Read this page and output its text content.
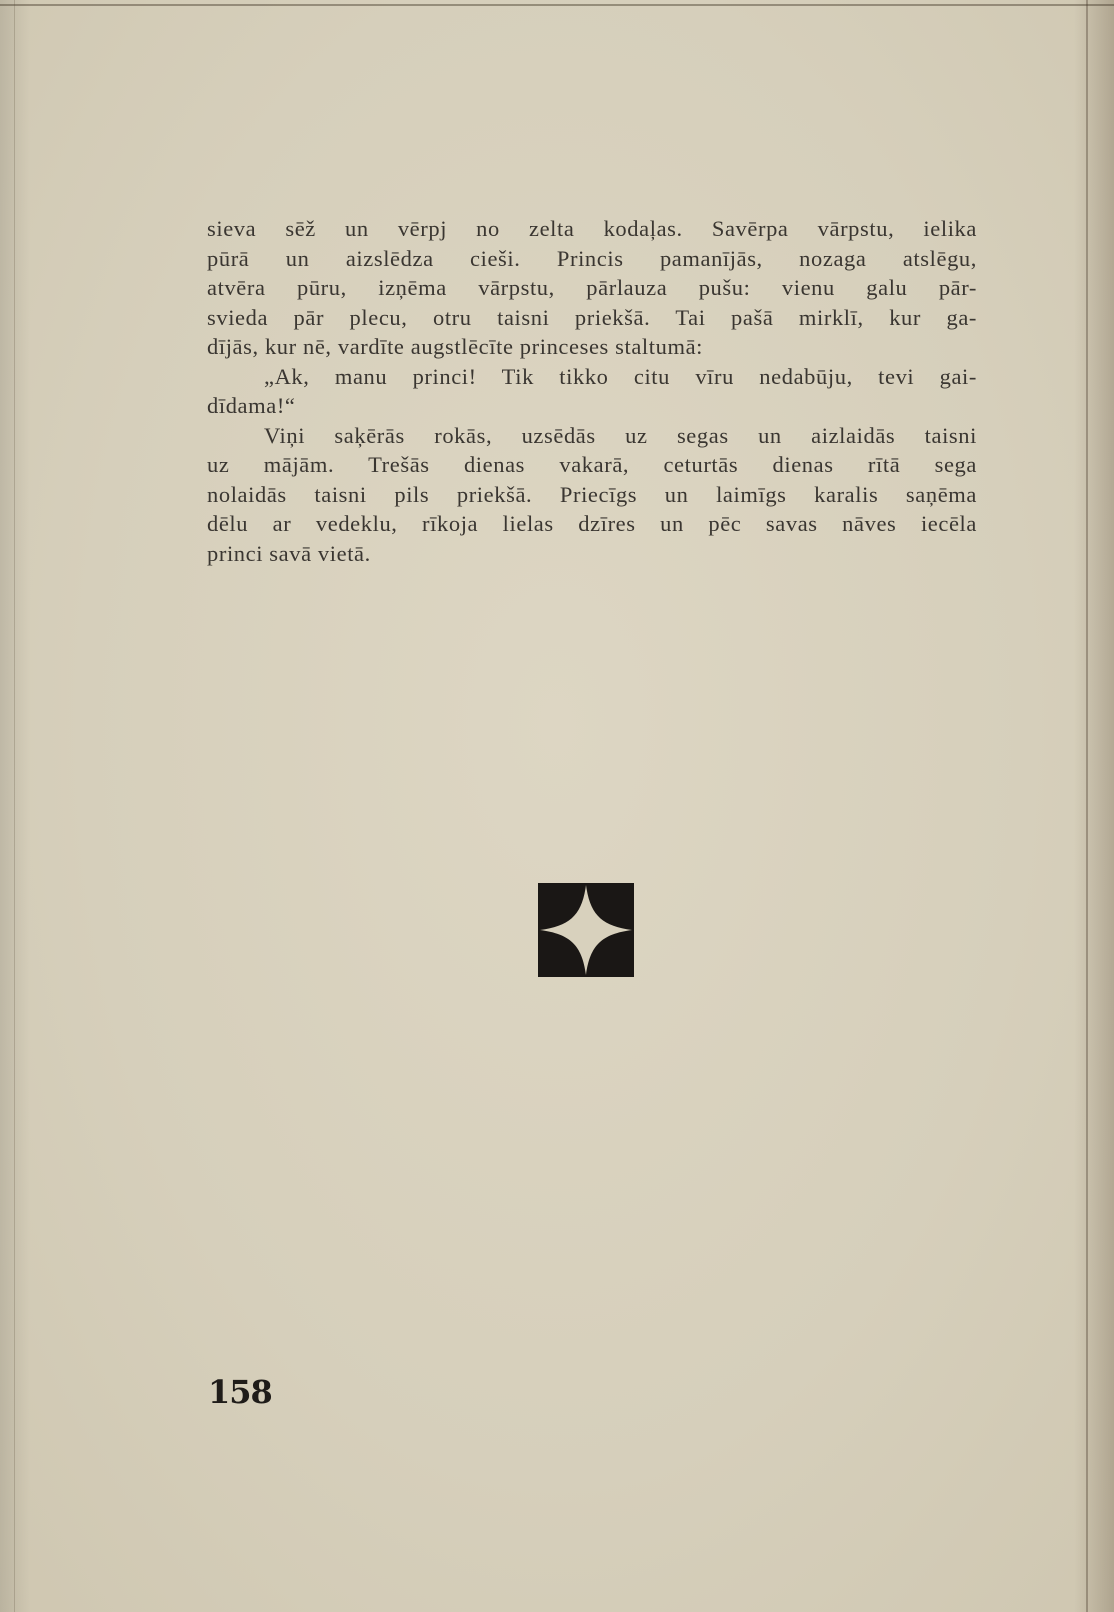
sieva sēž un vērpj no zelta kodaļas. Savērpa vārpstu, ielika
pūrā un aizslēdza cieši. Princis pamanījās, nozaga atslēgu,
atvēra pūru, izņēma vārpstu, pārlauza pušu: vienu galu pār-
svieda pār plecu, otru taisni priekšā. Tai pašā mirklī, kur ga-
dījās, kur nē, vardīte augstlēcīte princeses staltumā:
„Ak, manu princi! Tik tikko citu vīru nedabūju, tevi gai-
dīdama!“
Viņi saķērās rokās, uzsēdās uz segas un aizlaidās taisni
uz mājām. Trešās dienas vakarā, ceturtās dienas rītā sega
nolaidās taisni pils priekšā. Priecīgs un laimīgs karalis saņēma
dēlu ar vedeklu, rīkoja lielas dzīres un pēc savas nāves iecēla
princi savā vietā.
158
